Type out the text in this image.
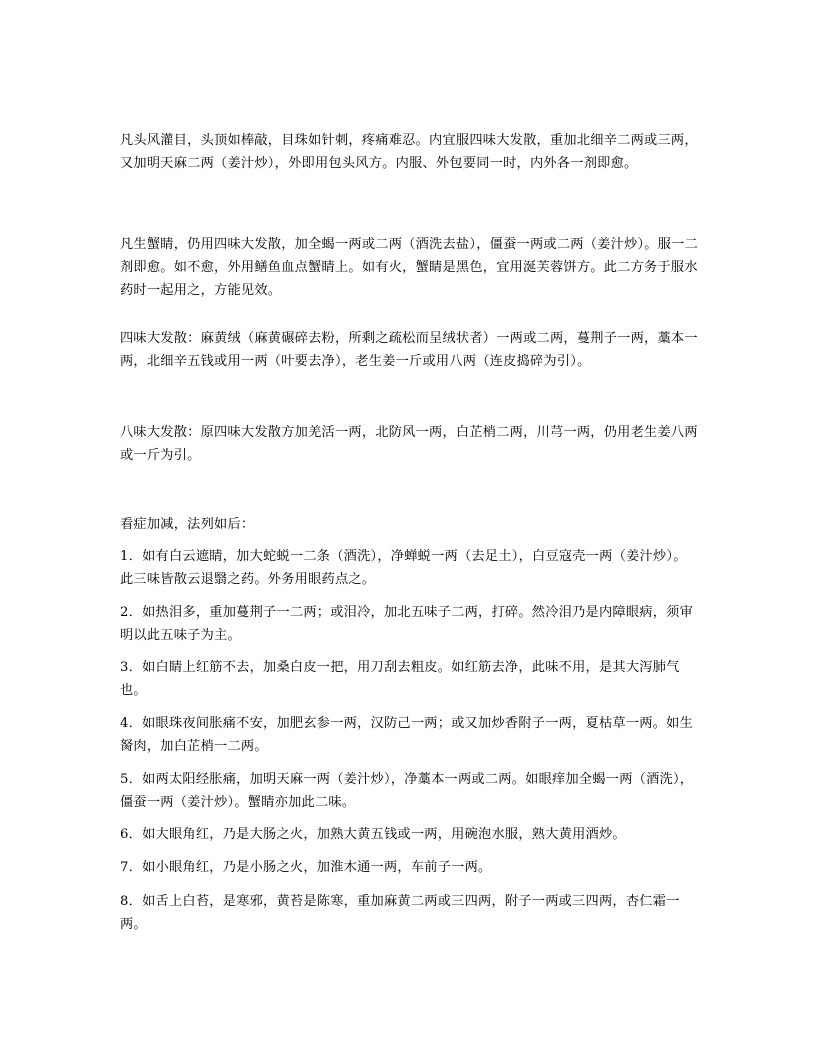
凡头风灌目，头顶如棒敲，目珠如针刺，疼痛难忍。内宜服四味大发散，重加北细辛二两或三两，又加明天麻二两（姜汁炒），外即用包头风方。内服、外包要同一时，内外各一剂即愈。

凡生蟹睛，仍用四味大发散，加全蝎一两或二两（酒洗去盐），僵蚕一两或二两（姜汁炒）。服一二剂即愈。如不愈，外用鳝鱼血点蟹睛上。如有火，蟹睛是黑色，宜用涎芙蓉饼方。此二方务于服水药时一起用之，方能见效。

四味大发散：麻黄绒（麻黄碾碎去粉，所剩之疏松而呈绒状者）一两或二两，蔓荆子一两，藁本一两，北细辛五钱或用一两（叶要去净），老生姜一斤或用八两（连皮捣碎为引）。

八味大发散：原四味大发散方加羌活一两，北防风一两，白芷梢二两，川芎一两，仍用老生姜八两或一斤为引。

看症加减，法列如后：

1．如有白云遮睛，加大蛇蜕一二条（酒洗），净蝉蜕一两（去足土），白豆寇壳一两（姜汁炒）。此三味皆散云退翳之药。外务用眼药点之。

2．如热泪多，重加蔓荆子一二两；或泪冷，加北五味子二两，打碎。然冷泪乃是内障眼病，须审明以此五味子为主。

3．如白睛上红筋不去，加桑白皮一把，用刀刮去粗皮。如红筋去净，此味不用，是其大泻肺气也。

4．如眼珠夜间胀痛不安，加肥玄参一两，汉防己一两；或又加炒香附子一两，夏枯草一两。如生胬肉，加白芷梢一二两。

5．如两太阳经胀痛，加明天麻一两（姜汁炒），净藁本一两或二两。如眼痒加全蝎一两（酒洗），僵蚕一两（姜汁炒）。蟹睛亦加此二味。

6．如大眼角红，乃是大肠之火，加熟大黄五钱或一两，用碗泡水服，熟大黄用酒炒。

7．如小眼角红，乃是小肠之火，加淮木通一两，车前子一两。

8．如舌上白苔，是寒邪，黄苔是陈寒，重加麻黄二两或三四两，附子一两或三四两，杏仁霜一两。
